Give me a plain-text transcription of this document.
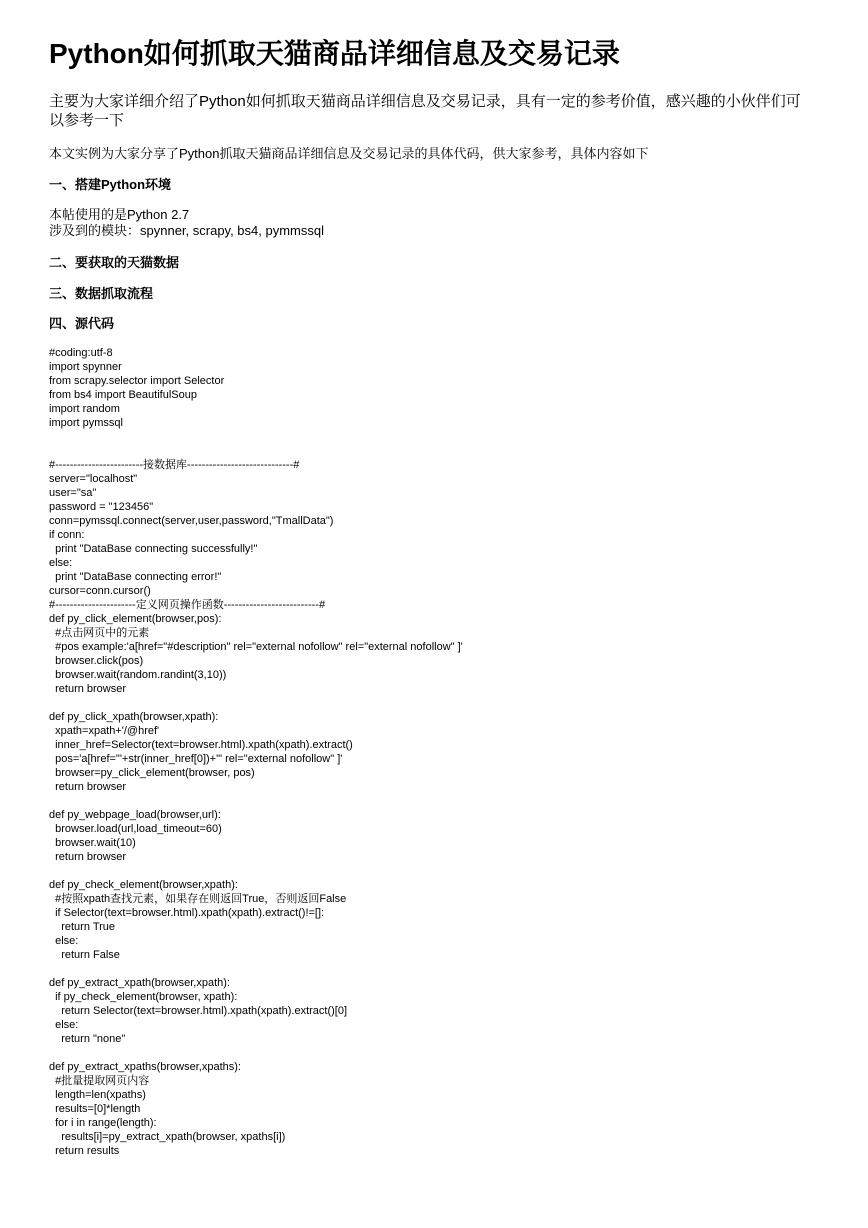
Python如何抓取天猫商品详细信息及交易记录

主要为大家详细介绍了Python如何抓取天猫商品详细信息及交易记录，具有一定的参考价值，感兴趣的小伙伴们可以参考一下

本文实例为大家分享了Python抓取天猫商品详细信息及交易记录的具体代码，供大家参考，具体内容如下

一、搭建Python环境
本帖使用的是Python 2.7
涉及到的模块：spynner, scrapy, bs4, pymmssql
二、要获取的天猫数据
三、数据抓取流程
四、源代码
#coding:utf-8
import spynner
from scrapy.selector import Selector
from bs4 import BeautifulSoup
import random
import pymssql

#------------------------接数据库-----------------------------#
server="localhost"
user="sa"
password = "123456"
conn=pymssql.connect(server,user,password,"TmallData")
if conn:
print "DataBase connecting successfully!"
else:
print "DataBase connecting error!"
cursor=conn.cursor()
#----------------------定义网页操作函数--------------------------#
def py_click_element(browser,pos):
#点击网页中的元素
#pos example:'a[href="#description" rel="external nofollow" rel="external nofollow" ]'
browser.click(pos)
browser.wait(random.randint(3,10))
return browser

def py_click_xpath(browser,xpath):
xpath=xpath+'/@href'
inner_href=Selector(text=browser.html).xpath(xpath).extract()
pos='a[href="'+str(inner_href[0])+'" rel="external nofollow" ]'
browser=py_click_element(browser, pos)
return browser

def py_webpage_load(browser,url):
browser.load(url,load_timeout=60)
browser.wait(10)
return browser

def py_check_element(browser,xpath):
#按照xpath查找元素，如果存在则返回True，否则返回False
if Selector(text=browser.html).xpath(xpath).extract()!=[]:
return True
else:
return False

def py_extract_xpath(browser,xpath):
if py_check_element(browser, xpath):
return Selector(text=browser.html).xpath(xpath).extract()[0]
else:
return "none"

def py_extract_xpaths(browser,xpaths):
#批量提取网页内容
length=len(xpaths)
results=[0]*length
for i in range(length):
results[i]=py_extract_xpath(browser, xpaths[i])
return results
